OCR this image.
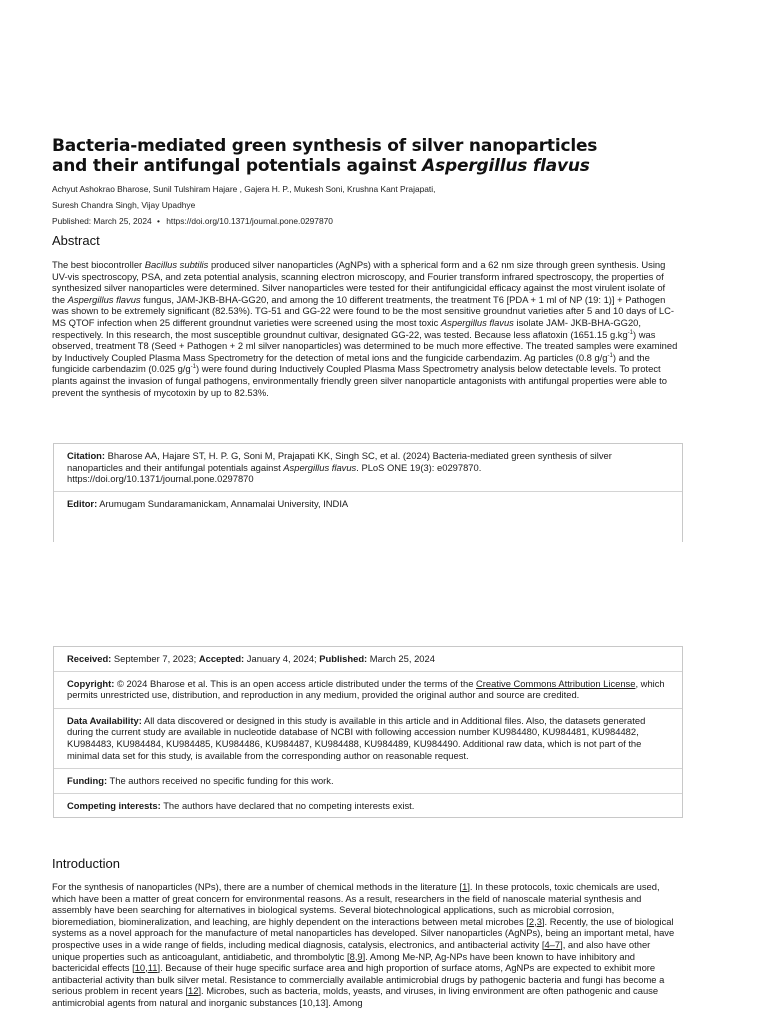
Bacteria-mediated green synthesis of silver nanoparticles
and their antifungal potentials against Aspergillus flavus
Achyut Ashokrao Bharose, Sunil Tulshiram Hajare , Gajera H. P., Mukesh Soni, Krushna Kant Prajapati,
Suresh Chandra Singh, Vijay Upadhye
Published: March 25, 2024 • https://doi.org/10.1371/journal.pone.0297870
Abstract

The best biocontroller Bacillus subtilis produced silver nanoparticles (AgNPs) with a spherical form and a 62 nm size through green synthesis. Using UV-vis spectroscopy, PSA, and zeta potential analysis, scanning electron microscopy, and Fourier transform infrared spectroscopy, the properties of synthesized silver nanoparticles were determined. Silver nanoparticles were tested for their antifungicidal efficacy against the most virulent isolate of the Aspergillus flavus fungus, JAM-JKB-BHA-GG20, and among the 10 different treatments, the treatment T6 [PDA + 1 ml of NP (19: 1)] + Pathogen was shown to be extremely significant (82.53%). TG-51 and GG-22 were found to be the most sensitive groundnut varieties after 5 and 10 days of LC-MS QTOF infection when 25 different groundnut varieties were screened using the most toxic Aspergillus flavus isolate JAM- JKB-BHA-GG20, respectively. In this research, the most susceptible groundnut cultivar, designated GG-22, was tested. Because less aflatoxin (1651.15 $g.kg^{-1}$) was observed, treatment T8 (Seed + Pathogen + 2 ml silver nanoparticles) was determined to be much more effective. The treated samples were examined by Inductively Coupled Plasma Mass Spectrometry for the detection of metal ions and the fungicide carbendazim. Ag particles (0.8 $g/g^{-1}$) and the fungicide carbendazim (0.025 $g/g^{-1}$) were found during Inductively Coupled Plasma Mass Spectrometry analysis below detectable levels. To protect plants against the invasion of fungal pathogens, environmentally friendly green silver nanoparticle antagonists with antifungal properties were able to prevent the synthesis of mycotoxin by up to 82.53%.

Citation: Bharose AA, Hajare ST, H. P. G, Soni M, Prajapati KK, Singh SC, et al. (2024) Bacteria-mediated green synthesis of silver nanoparticles and their antifungal potentials against Aspergillus flavus. PLoS ONE 19(3): e0297870. https://doi.org/10.1371/journal.pone.0297870
Editor: Arumugam Sundaramanickam, Annamalai University, INDIA
Received: September 7, 2023; Accepted: January 4, 2024; Published: March 25, 2024
Copyright: © 2024 Bharose et al. This is an open access article distributed under the terms of the Creative Commons Attribution License, which permits unrestricted use, distribution, and reproduction in any medium, provided the original author and source are credited.
Data Availability: All data discovered or designed in this study is available in this article and in Additional files. Also, the datasets generated during the current study are available in nucleotide database of NCBI with following accession number KU984480, KU984481, KU984482, KU984483, KU984484, KU984485, KU984486, KU984487, KU984488, KU984489, KU984490. Additional raw data, which is not part of the minimal data set for this study, is available from the corresponding author on reasonable request.
Funding: The authors received no specific funding for this work.
Competing interests: The authors have declared that no competing interests exist.
Introduction

For the synthesis of nanoparticles (NPs), there are a number of chemical methods in the literature [1]. In these protocols, toxic chemicals are used, which have been a matter of great concern for environmental reasons. As a result, researchers in the field of nanoscale material synthesis and assembly have been searching for alternatives in biological systems. Several biotechnological applications, such as microbial corrosion, bioremediation, biomineralization, and leaching, are highly dependent on the interactions between metal microbes [2,3]. Recently, the use of biological systems as a novel approach for the manufacture of metal nanoparticles has developed. Silver nanoparticles (AgNPs), being an important metal, have prospective uses in a wide range of fields, including medical diagnosis, catalysis, electronics, and antibacterial activity [4–7], and also have other unique properties such as anticoagulant, antidiabetic, and thrombolytic [8,9]. Among Me-NP, Ag-NPs have been known to have inhibitory and bactericidal effects [10,11]. Because of their huge specific surface area and high proportion of surface atoms, AgNPs are expected to exhibit more antibacterial activity than bulk silver metal. Resistance to commercially available antimicrobial drugs by pathogenic bacteria and fungi has become a serious problem in recent years [12]. Microbes, such as bacteria, molds, yeasts, and viruses, in living environment are often pathogenic and cause antimicrobial agents from natural and inorganic substances [10,13]. Among
